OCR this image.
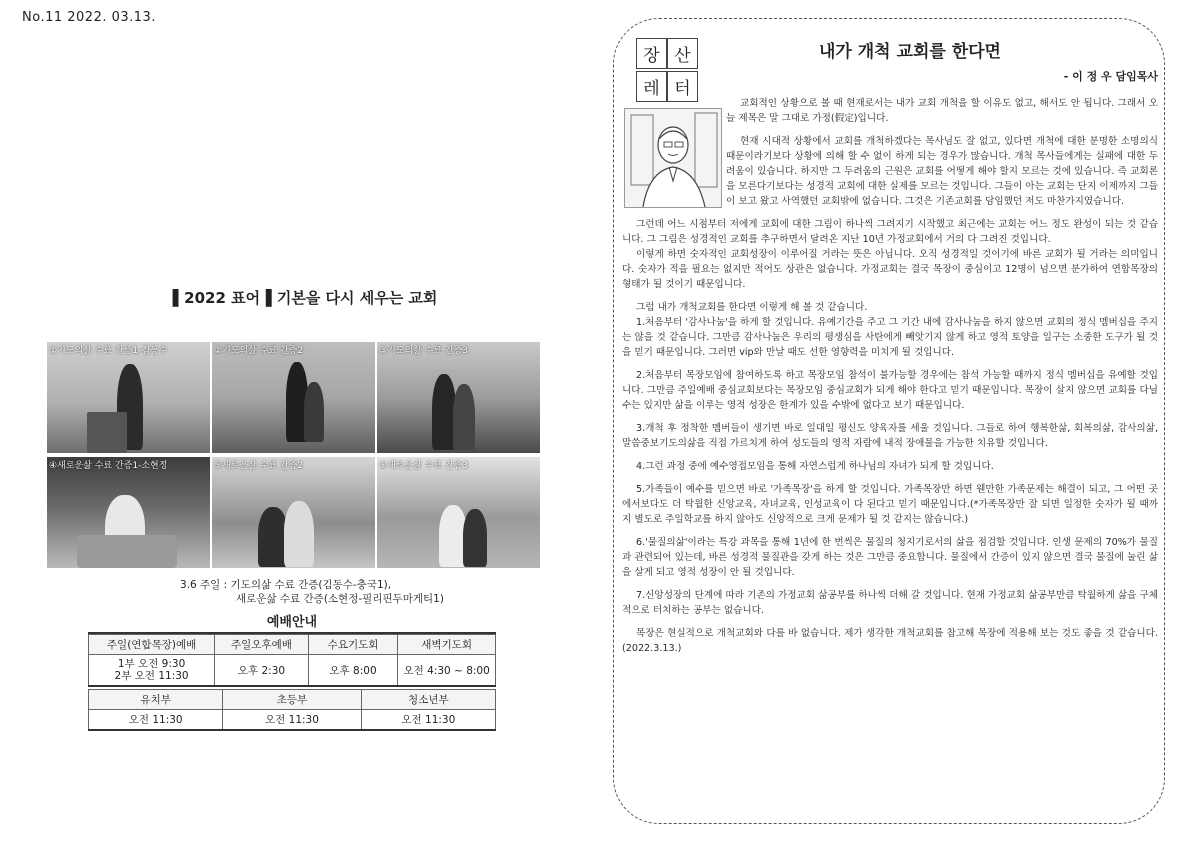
No.11 2022. 03.13.
▌2022 표어▐ 기본을 다시 세우는 교회
①기도의삶 수료 간증1-김동수	②기도의삶 수료 간증2	③기도의삶 수료 간증3
④새로운삶 수료 간증1-소현정	⑤새로운삶 수료 간증2	⑥새로운삶 수료 간증3
3.6 주일 : 기도의삶 수료 간증(김동수-충국1),
새로운삶 수료 간증(소현정-필리핀두마게티1)
예배안내
주일(연합목장)예배	주일오후예배	수요기도회	새벽기도회
1부 오전 9:30
2부 오전 11:30	오후 2:30	오후 8:00	오전 4:30 ~ 8:00
유치부	초등부	청소년부
오전 11:30	오전 11:30	오전 11:30
장 산
레 터
내가 개척 교회를 한다면
- 이 정 우 담임목사

교회적인 상황으로 볼 때 현재로서는 내가 교회 개척을 할 이유도 없고, 해서도 안 됩니다. 그래서 오늘 제목은 말 그대로 가정(假定)입니다.

현재 시대적 상황에서 교회를 개척하겠다는 목사님도 잘 없고, 있다면 개척에 대한 분명한 소명의식 때문이라기보다 상황에 의해 할 수 없이 하게 되는 경우가 많습니다. 개척 목사들에게는 실패에 대한 두려움이 있습니다. 하지만 그 두려움의 근원은 교회를 어떻게 해야 할지 모르는 것에 있습니다. 즉 교회론을 모른다기보다는 성경적 교회에 대한 실제를 모르는 것입니다. 그들이 아는 교회는 단지 이제까지 그들이 보고 왔고 사역했던 교회밖에 없습니다. 그것은 기존교회를 담임했던 저도 마찬가지였습니다.

그런데 어느 시점부터 저에게 교회에 대한 그림이 하나씩 그려지기 시작했고 최근에는 교회는 어느 정도 완성이 되는 것 같습니다. 그 그림은 성경적인 교회를 추구하면서 달려온 지난 10년 가정교회에서 거의 다 그려진 것입니다.

이렇게 하면 숫자적인 교회성장이 이루어질 거라는 뜻은 아닙니다. 오직 성경적일 것이기에 바른 교회가 될 거라는 의미입니다. 숫자가 적을 필요는 없지만 적어도 상관은 없습니다. 가정교회는 결국 목장이 중심이고 12명이 넘으면 분가하여 연합목장의 형태가 될 것이기 때문입니다.

그럼 내가 개척교회를 한다면 이렇게 해 볼 것 같습니다.

1.처음부터 '감사나눔'을 하게 할 것입니다. 유예기간을 주고 그 기간 내에 감사나눔을 하지 않으면 교회의 정식 멤버십을 주지는 않을 것 같습니다. 그만큼 감사나눔은 우리의 평생심을 사탄에게 빼앗기지 않게 하고 영적 토양을 일구는 소중한 도구가 될 것을 믿기 때문입니다. 그러면 vip와 만날 때도 선한 영향력을 미치게 될 것입니다.

2.처음부터 목장모임에 참여하도록 하고 목장모임 참석이 불가능할 경우에는 참석 가능할 때까지 정식 멤버십을 유예할 것입니다. 그만큼 주일예배 중심교회보다는 목장모임 중심교회가 되게 해야 한다고 믿기 때문입니다. 목장이 살지 않으면 교회를 다닐 수는 있지만 삶을 이루는 영적 성장은 한계가 있을 수밖에 없다고 보기 때문입니다.

3.개척 후 정착한 멤버들이 생기면 바로 일대일 평신도 양육자를 세울 것입니다. 그들로 하여 행복한삶, 회복의삶, 감사의삶, 말씀중보기도의삶을 직접 가르치게 하여 성도들의 영적 자람에 내적 장애물을 가능한 치유할 것입니다.

4.그런 과정 중에 예수영접모임을 통해 자연스럽게 하나님의 자녀가 되게 할 것입니다.

5.가족들이 예수를 믿으면 바로 '가족목장'을 하게 할 것입니다. 가족목장만 하면 웬만한 가족문제는 해결이 되고, 그 어떤 곳에서보다도 더 탁월한 신앙교육, 자녀교육, 인성교육이 다 된다고 믿기 때문입니다.(*가족목장만 잘 되면 일정한 숫자가 될 때까지 별도로 주일학교를 하지 않아도 신앙적으로 크게 문제가 될 것 같지는 않습니다.)

6.'물질의삶'이라는 특강 과목을 통해 1년에 한 번씩은 물질의 청지기로서의 삶을 점검할 것입니다. 인생 문제의 70%가 물질과 관련되어 있는데, 바른 성경적 물질관을 갖게 하는 것은 그만큼 중요합니다. 물질에서 간증이 있지 않으면 결국 물질에 눌린 삶을 살게 되고 영적 성장이 안 될 것입니다.

7.신앙성장의 단계에 따라 기존의 가정교회 삶공부를 하나씩 더해 갈 것입니다. 현재 가정교회 삶공부만큼 탁월하게 삶을 구체적으로 터치하는 공부는 없습니다.

목장은 현실적으로 개척교회와 다를 바 없습니다. 제가 생각한 개척교회를 참고해 목장에 적용해 보는 것도 좋을 것 같습니다.(2022.3.13.)
